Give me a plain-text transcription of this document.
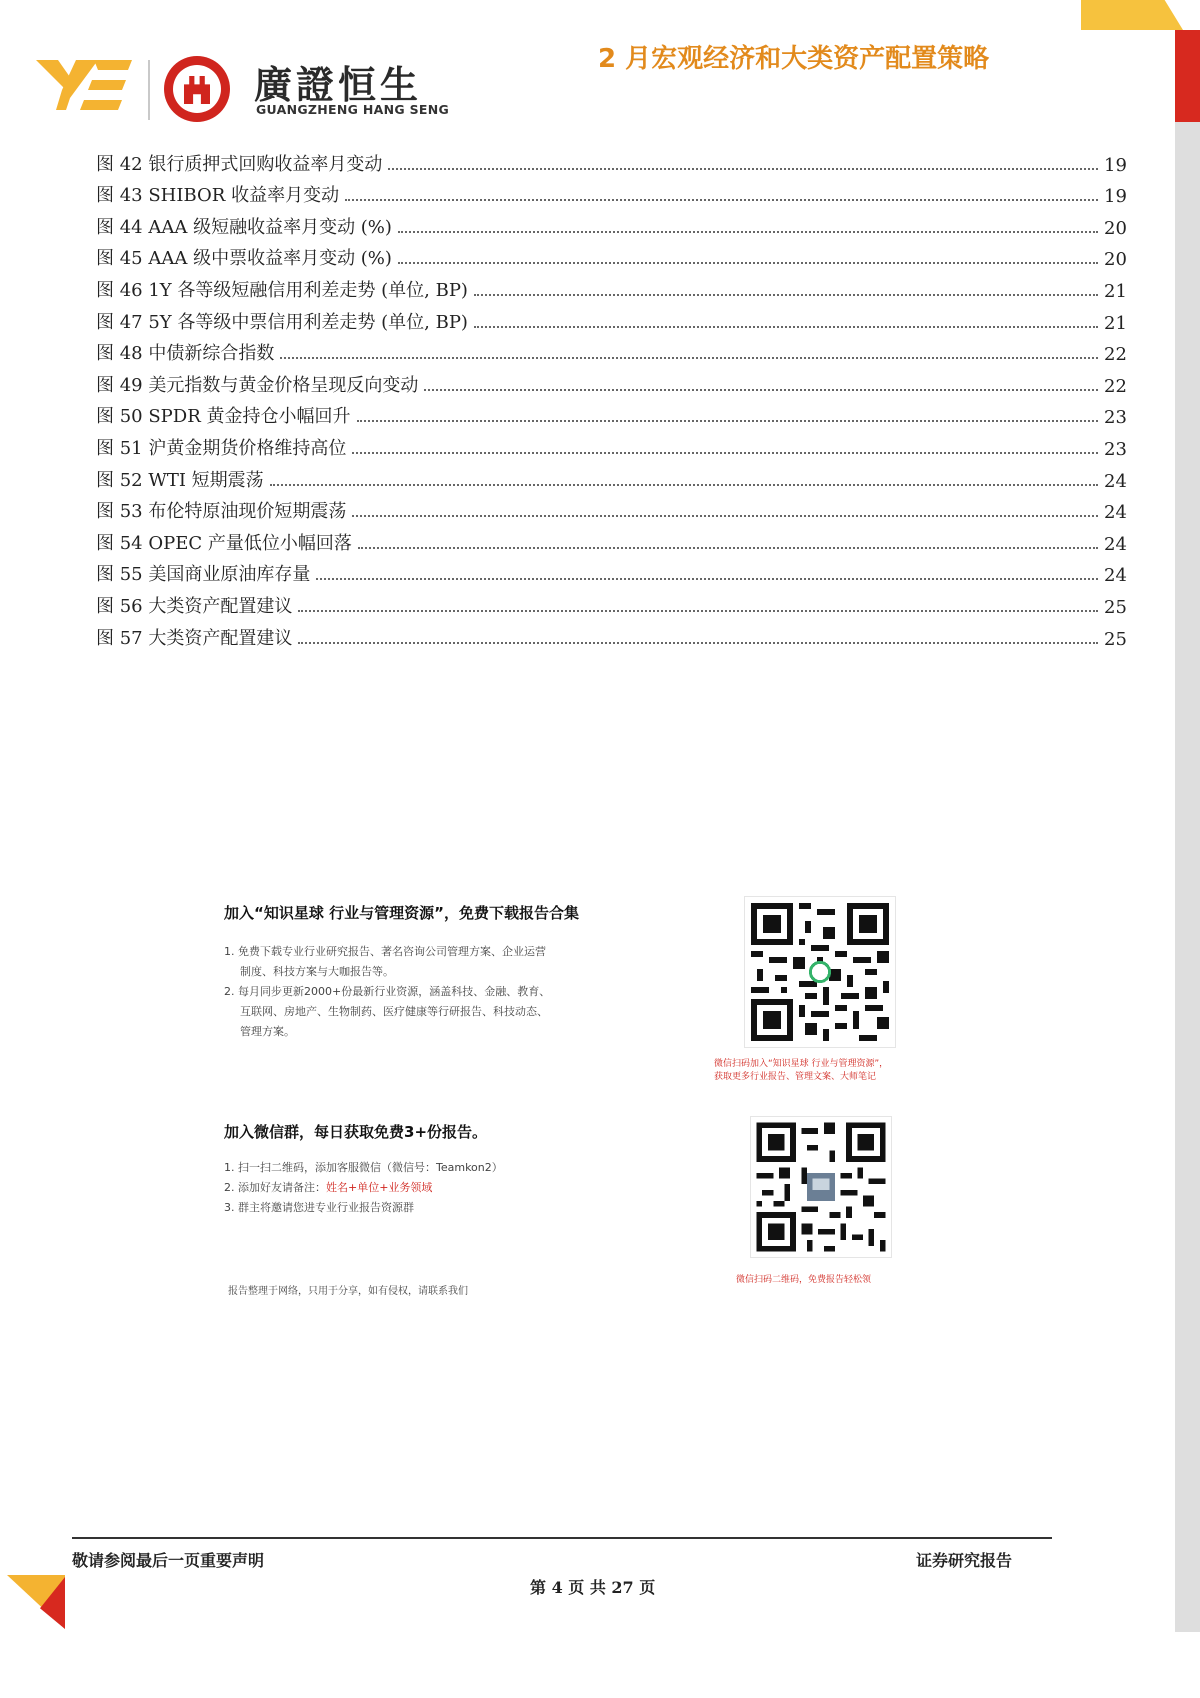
廣證恒生
GUANGZHENG HANG SENG
2 月宏观经济和大类资产配置策略
图 42 银行质押式回购收益率月变动	19
图 43 SHIBOR 收益率月变动	19
图 44 AAA 级短融收益率月变动 (%)	20
图 45 AAA 级中票收益率月变动 (%)	20
图 46 1Y 各等级短融信用利差走势 (单位, BP)	21
图 47 5Y 各等级中票信用利差走势 (单位, BP)	21
图 48 中债新综合指数	22
图 49 美元指数与黄金价格呈现反向变动	22
图 50 SPDR 黄金持仓小幅回升	23
图 51 沪黄金期货价格维持高位	23
图 52 WTI 短期震荡	24
图 53 布伦特原油现价短期震荡	24
图 54 OPEC 产量低位小幅回落	24
图 55 美国商业原油库存量	24
图 56 大类资产配置建议	25
图 57 大类资产配置建议	25
加入“知识星球 行业与管理资源”，免费下载报告合集
1. 免费下载专业行业研究报告、著名咨询公司管理方案、企业运营
制度、科技方案与大咖报告等。
2. 每月同步更新2000+份最新行业资源，涵盖科技、金融、教育、
互联网、房地产、生物制药、医疗健康等行研报告、科技动态、
管理方案。
微信扫码加入“知识星球 行业与管理资源”，
获取更多行业报告、管理文案、大师笔记
加入微信群，每日获取免费3+份报告。
1. 扫一扫二维码，添加客服微信（微信号：Teamkon2）
2. 添加好友请备注：姓名+单位+业务领域
3. 群主将邀请您进专业行业报告资源群
微信扫码二维码，免费报告轻松领
报告整理于网络，只用于分享，如有侵权，请联系我们
敬请参阅最后一页重要声明	证券研究报告
第 4 页 共 27 页
